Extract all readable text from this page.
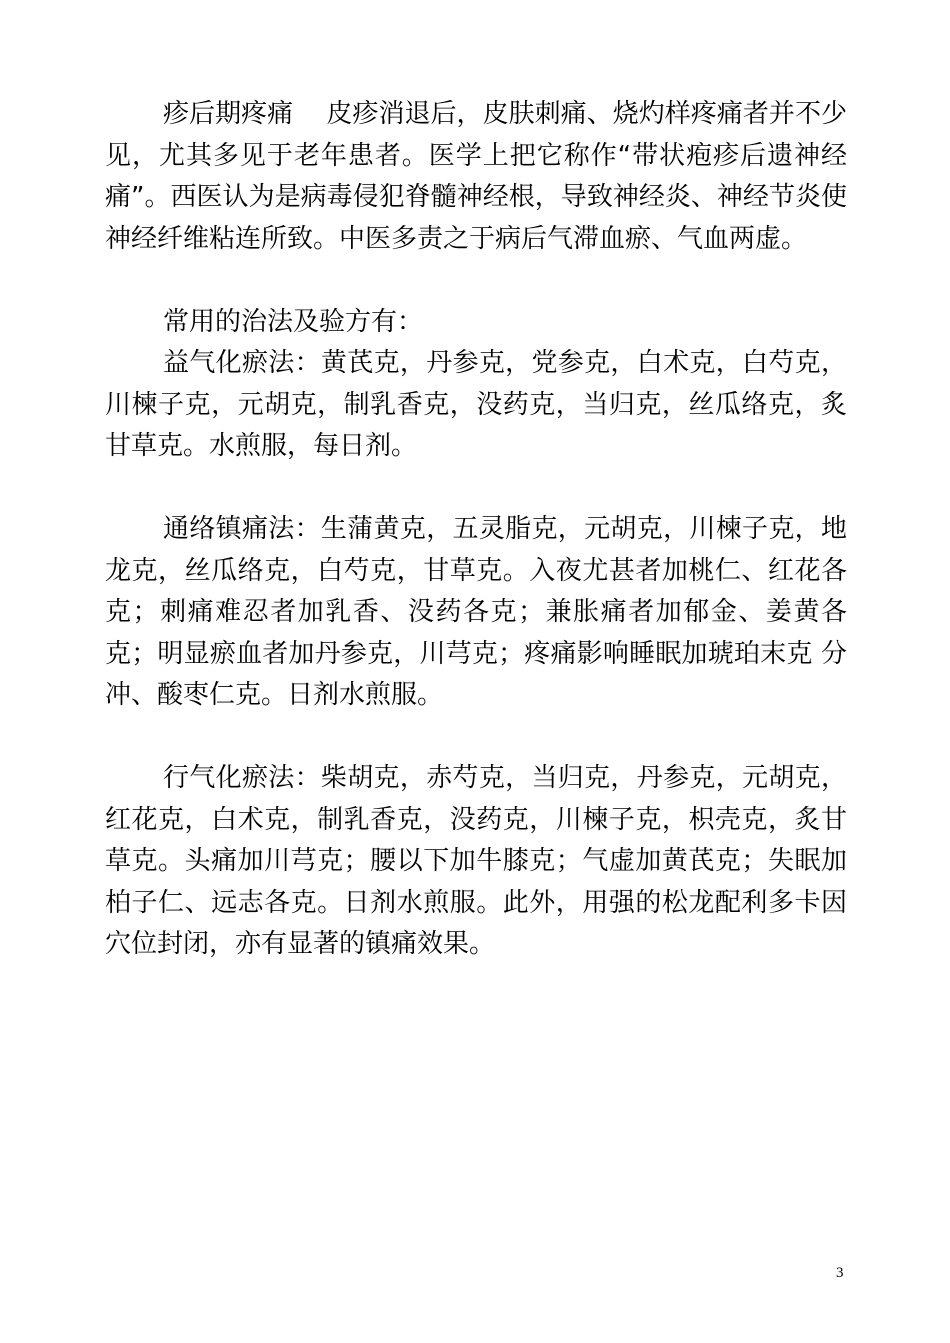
疹后期疼痛 皮疹消退后，皮肤刺痛、烧灼样疼痛者并不少见，尤其多见于老年患者。医学上把它称作“带状疱疹后遗神经痛”。西医认为是病毒侵犯脊髓神经根，导致神经炎、神经节炎使神经纤维粘连所致。中医多责之于病后气滞血瘀、气血两虚。

常用的治法及验方有：

益气化瘀法：黄芪克，丹参克，党参克，白术克，白芍克，川楝子克，元胡克，制乳香克，没药克，当归克，丝瓜络克，炙甘草克。水煎服，每日剂。

通络镇痛法：生蒲黄克，五灵脂克，元胡克，川楝子克，地龙克，丝瓜络克，白芍克，甘草克。入夜尤甚者加桃仁、红花各克；刺痛难忍者加乳香、没药各克；兼胀痛者加郁金、姜黄各克；明显瘀血者加丹参克，川芎克；疼痛影响睡眠加琥珀末克 分冲、酸枣仁克。日剂水煎服。

行气化瘀法：柴胡克，赤芍克，当归克，丹参克，元胡克，红花克，白术克，制乳香克，没药克，川楝子克，枳壳克，炙甘草克。头痛加川芎克；腰以下加牛膝克；气虚加黄芪克；失眠加柏子仁、远志各克。日剂水煎服。此外，用强的松龙配利多卡因穴位封闭，亦有显著的镇痛效果。

3
